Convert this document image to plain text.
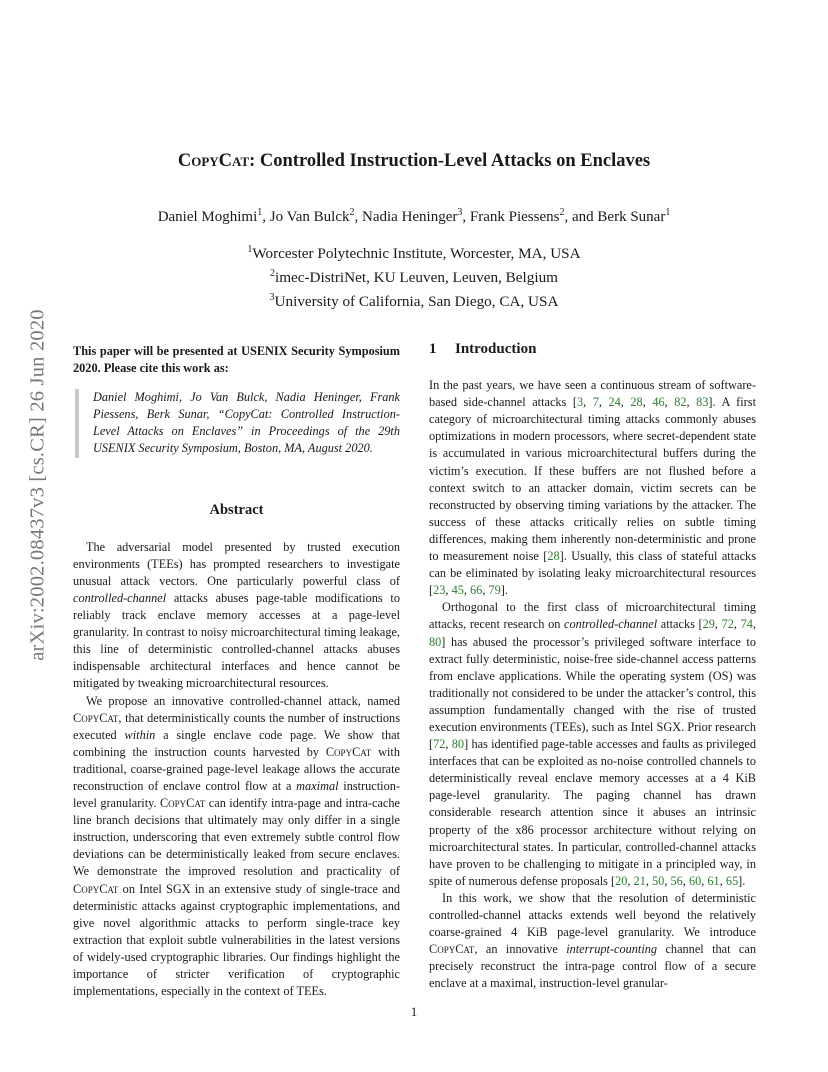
arXiv:2002.08437v3 [cs.CR] 26 Jun 2020
CopyCat: Controlled Instruction-Level Attacks on Enclaves
Daniel Moghimi$^1$, Jo Van Bulck$^2$, Nadia Heninger$^3$, Frank Piessens$^2$, and Berk Sunar$^1$
$^1$Worcester Polytechnic Institute, Worcester, MA, USA
$^2$imec-DistriNet, KU Leuven, Leuven, Belgium
$^3$University of California, San Diego, CA, USA

This paper will be presented at USENIX Security Symposium 2020. Please cite this work as:

Daniel Moghimi, Jo Van Bulck, Nadia Heninger, Frank Piessens, Berk Sunar, “CopyCat: Controlled Instruction-Level Attacks on Enclaves” in Proceedings of the 29th USENIX Security Symposium, Boston, MA, August 2020.
Abstract

The adversarial model presented by trusted execution environments (TEEs) has prompted researchers to investigate unusual attack vectors. One particularly powerful class of controlled-channel attacks abuses page-table modifications to reliably track enclave memory accesses at a page-level granularity. In contrast to noisy microarchitectural timing leakage, this line of deterministic controlled-channel attacks abuses indispensable architectural interfaces and hence cannot be mitigated by tweaking microarchitectural resources.

We propose an innovative controlled-channel attack, named CopyCat, that deterministically counts the number of instructions executed within a single enclave code page. We show that combining the instruction counts harvested by CopyCat with traditional, coarse-grained page-level leakage allows the accurate reconstruction of enclave control flow at a maximal instruction-level granularity. CopyCat can identify intra-page and intra-cache line branch decisions that ultimately may only differ in a single instruction, underscoring that even extremely subtle control flow deviations can be deterministically leaked from secure enclaves. We demonstrate the improved resolution and practicality of CopyCat on Intel SGX in an extensive study of single-trace and deterministic attacks against cryptographic implementations, and give novel algorithmic attacks to perform single-trace key extraction that exploit subtle vulnerabilities in the latest versions of widely-used cryptographic libraries. Our findings highlight the importance of stricter verification of cryptographic implementations, especially in the context of TEEs.

1 Introduction

In the past years, we have seen a continuous stream of software-based side-channel attacks [3, 7, 24, 28, 46, 82, 83]. A first category of microarchitectural timing attacks commonly abuses optimizations in modern processors, where secret-dependent state is accumulated in various microarchitectural buffers during the victim’s execution. If these buffers are not flushed before a context switch to an attacker domain, victim secrets can be reconstructed by observing timing variations by the attacker. The success of these attacks critically relies on subtle timing differences, making them inherently non-deterministic and prone to measurement noise [28]. Usually, this class of stateful attacks can be eliminated by isolating leaky microarchitectural resources [23, 45, 66, 79].

Orthogonal to the first class of microarchitectural timing attacks, recent research on controlled-channel attacks [29, 72, 74, 80] has abused the processor’s privileged software interface to extract fully deterministic, noise-free side-channel access patterns from enclave applications. While the operating system (OS) was traditionally not considered to be under the attacker’s control, this assumption fundamentally changed with the rise of trusted execution environments (TEEs), such as Intel SGX. Prior research [72, 80] has identified page-table accesses and faults as privileged interfaces that can be exploited as no-noise controlled channels to deterministically reveal enclave memory accesses at a 4 KiB page-level granularity. The paging channel has drawn considerable research attention since it abuses an intrinsic property of the x86 processor architecture without relying on microarchitectural states. In particular, controlled-channel attacks have proven to be challenging to mitigate in a principled way, in spite of numerous defense proposals [20, 21, 50, 56, 60, 61, 65].

In this work, we show that the resolution of deterministic controlled-channel attacks extends well beyond the relatively coarse-grained 4 KiB page-level granularity. We introduce CopyCat, an innovative interrupt-counting channel that can precisely reconstruct the intra-page control flow of a secure enclave at a maximal, instruction-level granular-

1
